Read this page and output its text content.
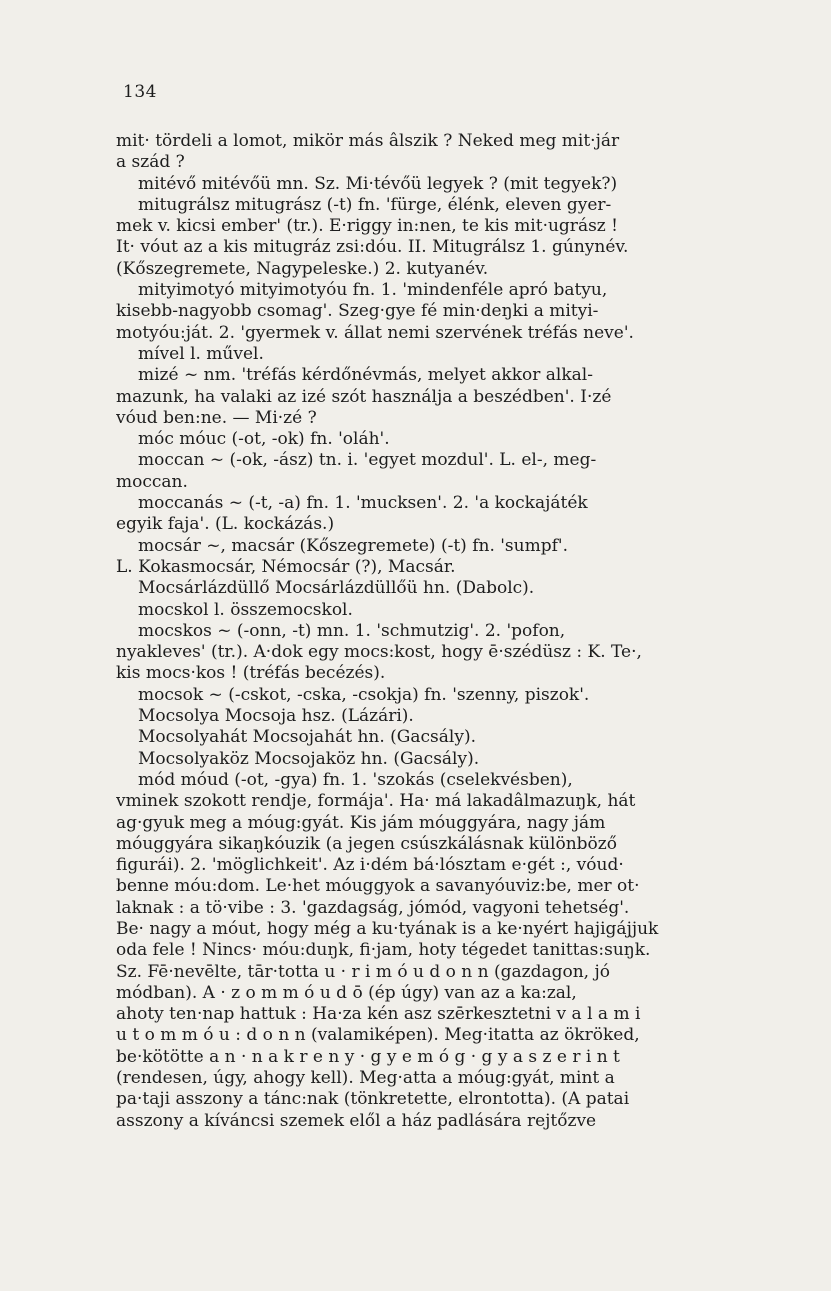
134
mit· tördeli a lomot, mikör más âlszik ? Neked meg mit·jár
a szád ?
mitévő mitévőü mn. Sz. Mi·tévőü legyek ? (mit tegyek?)
mitugrálsz mitugrász (-t) fn. 'fürge, élénk, eleven gyer-
mek v. kicsi ember' (tr.). E·riggy in:nen, te kis mit·ugrász !
It· vóut az a kis mitugráz zsi:dóu. II. Mitugrálsz 1. gúnynév.
(Kőszegremete, Nagypeleske.) 2. kutyanév.
mityimotyó mityimotyóu fn. 1. 'mindenféle apró batyu,
kisebb-nagyobb csomag'. Szeg·gye fé min·deŋki a mityi-
motyóu:ját. 2. 'gyermek v. állat nemi szervének tréfás neve'.
mível l. művel.
mizé ~ nm. 'tréfás kérdőnévmás, melyet akkor alkal-
mazunk, ha valaki az izé szót használja a beszédben'. I·zé
vóud ben:ne. — Mi·zé ?
móc móuc (-ot, -ok) fn. 'oláh'.
moccan ~ (-ok, -ász) tn. i. 'egyet mozdul'. L. el-, meg-
moccan.
moccanás ~ (-t, -a) fn. 1. 'mucksen'. 2. 'a kockajáték
egyik faja'. (L. kockázás.)
mocsár ~, macsár (Kőszegremete) (-t) fn. 'sumpf'.
L. Kokasmocsár, Némocsár (?), Macsár.
Mocsárlázdüllő Mocsárlázdüllőü hn. (Dabolc).
mocskol l. összemocskol.
mocskos ~ (-onn, -t) mn. 1. 'schmutzig'. 2. 'pofon,
nyakleves' (tr.). A·dok egy mocs:kost, hogy ē·szédüsz : K. Te·,
kis mocs·kos ! (tréfás becézés).
mocsok ~ (-cskot, -cska, -csokja) fn. 'szenny, piszok'.
Mocsolya Mocsoja hsz. (Lázári).
Mocsolyahát Mocsojahát hn. (Gacsály).
Mocsolyaköz Mocsojaköz hn. (Gacsály).
mód móud (-ot, -gya) fn. 1. 'szokás (cselekvésben),
vminek szokott rendje, formája'. Ha· má lakadâlmazuŋk, hát
ag·gyuk meg a móug:gyát. Kis jám móuggyára, nagy jám
móuggyára sikaŋkóuzik (a jegen csúszkálásnak különböző
figurái). 2. 'möglichkeit'. Az i·dém bá·lósztam e·gét :, vóud·
benne móu:dom. Le·het móuggyok a savanyóuviz:be, mer ot·
laknak : a tö·vibe : 3. 'gazdagság, jómód, vagyoni tehetség'.
Be· nagy a móut, hogy még a ku·tyának is a ke·nyért hajigájjuk
oda fele ! Nincs· móu:duŋk, fi·jam, hoty tégedet tanittas:suŋk.
Sz. Fē·nevēlte, tār·totta u · r i m ó u d o n n (gazdagon, jó
módban). A · z o m m ó u d ō (ép úgy) van az a ka:zal,
ahoty ten·nap hattuk : Ha·za kén asz szērkesztetni v a l a m i
u t o m m ó u : d o n n (valamiképen). Meg·itatta az ökröked,
be·kötötte a n · n a k r e n y · g y e m ó g · g y a s z e r i n t
(rendesen, úgy, ahogy kell). Meg·atta a móug:gyát, mint a
pa·taji asszony a tánc:nak (tönkretette, elrontotta). (A patai
asszony a kíváncsi szemek elől a ház padlására rejtőzve
